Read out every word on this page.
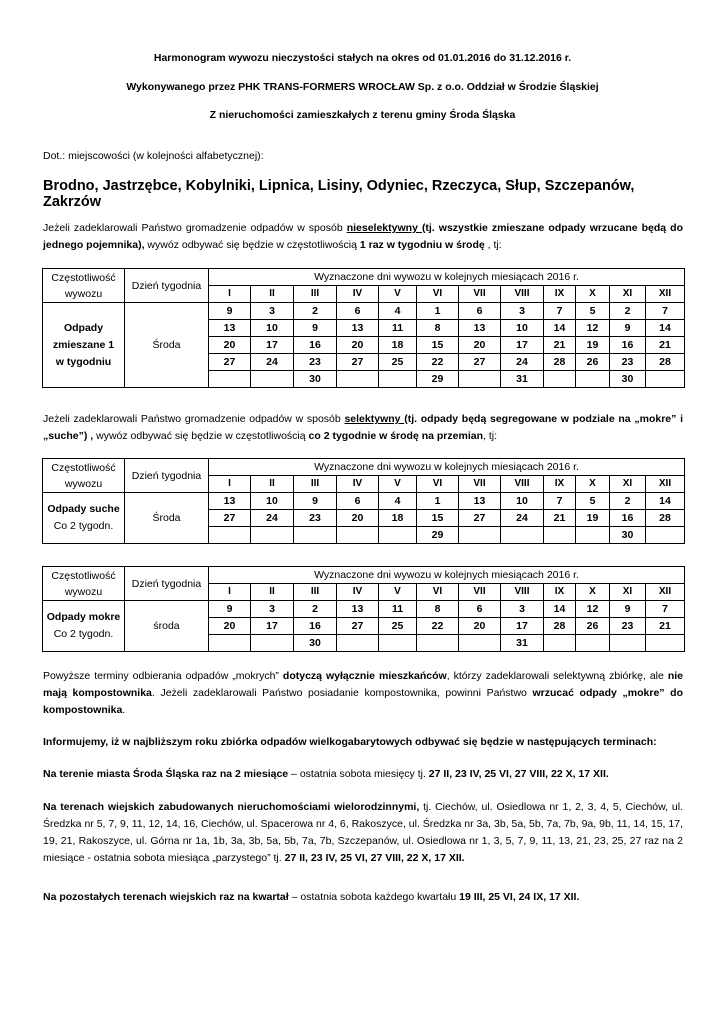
Harmonogram wywozu nieczystości stałych na okres od 01.01.2016 do 31.12.2016 r.
Wykonywanego przez PHK TRANS-FORMERS WROCŁAW Sp. z o.o. Oddział w Środzie Śląskiej
Z nieruchomości zamieszkałych z terenu gminy Środa Śląska
Dot.: miejscowości (w kolejności alfabetycznej):
Brodno, Jastrzębce, Kobylniki, Lipnica, Lisiny, Odyniec, Rzeczyca, Słup, Szczepanów, Zakrzów
Jeżeli zadeklarowali Państwo gromadzenie odpadów w sposób nieselektywny (tj. wszystkie zmieszane odpady wrzucane będą do jednego pojemnika), wywóz odbywać się będzie w częstotliwością 1 raz w tygodniu w środę , tj:
Częstotliwość wywozu	Dzień tygodnia	Wyznaczone dni wywozu w kolejnych miesiącach 2016 r.											
		I	II	III	IV	V	VI	VII	VIII	IX	X	XI	XII
Odpady zmieszane 1 w tygodniu	Środa	9	3	2	6	4	1	6	3	7	5	2	7
		13	10	9	13	11	8	13	10	14	12	9	14
		20	17	16	20	18	15	20	17	21	19	16	21
		27	24	23	27	25	22	27	24	28	26	23	28
				30			29		31			30	
Jeżeli zadeklarowali Państwo gromadzenie odpadów w sposób selektywny (tj. odpady będą segregowane w podziale na „mokre” i „suche”) , wywóz odbywać się będzie w częstotliwością co 2 tygodnie w środę na przemian, tj:
Częstotliwość wywozu	Dzień tygodnia	Wyznaczone dni wywozu w kolejnych miesiącach 2016 r.											
		I	II	III	IV	V	VI	VII	VIII	IX	X	XI	XII
Odpady suche
Co 2 tygodn.	Środa	13	10	9	6	4	1	13	10	7	5	2	14
		27	24	23	20	18	15	27	24	21	19	16	28
							29					30	
Częstotliwość wywozu	Dzień tygodnia	Wyznaczone dni wywozu w kolejnych miesiącach 2016 r.											
		I	II	III	IV	V	VI	VII	VIII	IX	X	XI	XII
Odpady mokre
Co 2 tygodn.	środa	9	3	2	13	11	8	6	3	14	12	9	7
		20	17	16	27	25	22	20	17	28	26	23	21
				30					31				
Powyższe terminy odbierania odpadów „mokrych” dotyczą wyłącznie mieszkańców, którzy zadeklarowali selektywną zbiórkę, ale nie mają kompostownika. Jeżeli zadeklarowali Państwo posiadanie kompostownika, powinni Państwo wrzucać odpady „mokre” do kompostownika.
Informujemy, iż w najbliższym roku zbiórka odpadów wielkogabarytowych odbywać się będzie w następujących terminach:
Na terenie miasta Środa Śląska raz na 2 miesiące – ostatnia sobota miesięcy tj. 27 II, 23 IV, 25 VI, 27 VIII, 22 X, 17 XII.
Na terenach wiejskich zabudowanych nieruchomościami wielorodzinnymi, tj. Ciechów, ul. Osiedlowa nr 1, 2, 3, 4, 5, Ciechów, ul. Średzka nr 5, 7, 9, 11, 12, 14, 16, Ciechów, ul. Spacerowa nr 4, 6, Rakoszyce, ul. Średzka nr 3a, 3b, 5a, 5b, 7a, 7b, 9a, 9b, 11, 14, 15, 17, 19, 21, Rakoszyce, ul. Górna nr 1a, 1b, 3a, 3b, 5a, 5b, 7a, 7b, Szczepanów, ul. Osiedlowa nr 1, 3, 5, 7, 9, 11, 13, 21, 23, 25, 27 raz na 2 miesiące - ostatnia sobota miesiąca „parzystego” tj. 27 II, 23 IV, 25 VI, 27 VIII, 22 X, 17 XII.
Na pozostałych terenach wiejskich raz na kwartał – ostatnia sobota każdego kwartału 19 III, 25 VI, 24 IX, 17 XII.
